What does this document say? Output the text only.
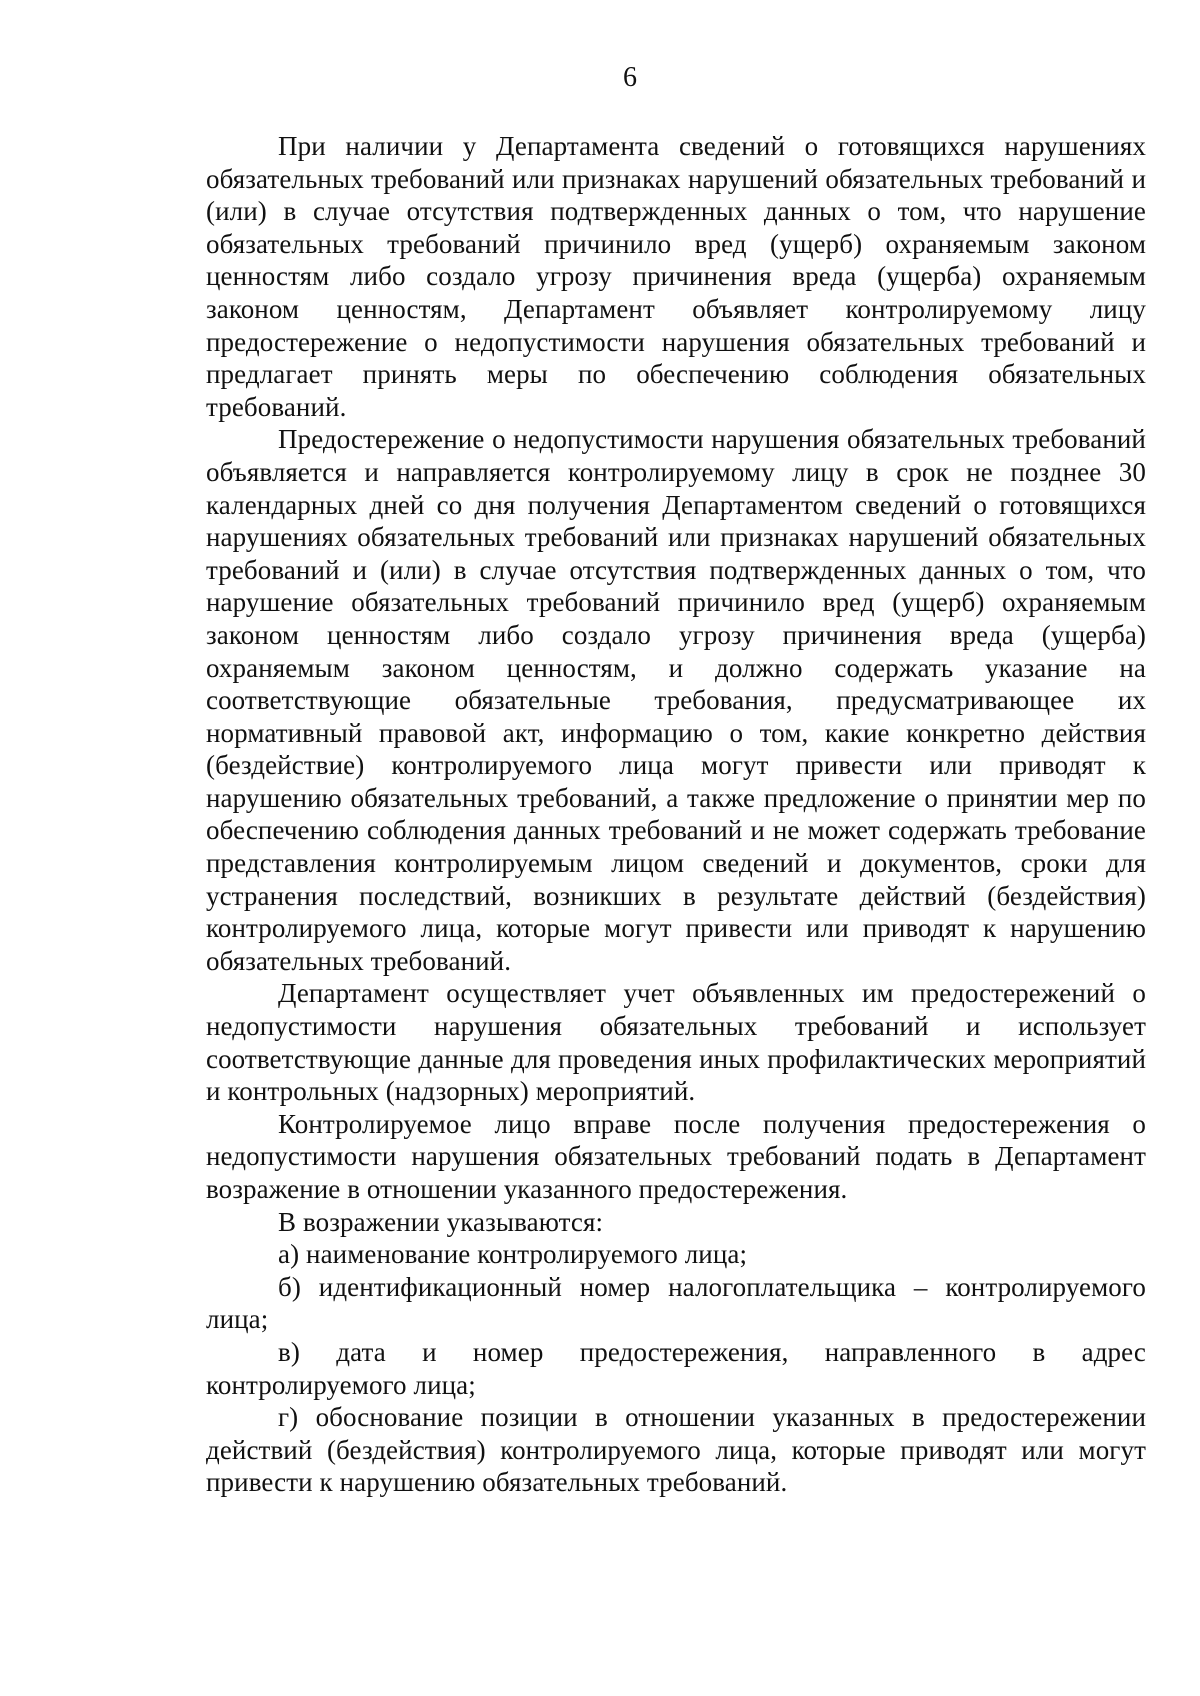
6

При наличии у Департамента сведений о готовящихся нарушениях обязательных требований или признаках нарушений обязательных требований и (или) в случае отсутствия подтвержденных данных о том, что нарушение обязательных требований причинило вред (ущерб) охраняемым законом ценностям либо создало угрозу причинения вреда (ущерба) охраняемым законом ценностям, Департамент объявляет контролируемому лицу предостережение о недопустимости нарушения обязательных требований и предлагает принять меры по обеспечению соблюдения обязательных требований.

Предостережение о недопустимости нарушения обязательных требований объявляется и направляется контролируемому лицу в срок не позднее 30 календарных дней со дня получения Департаментом сведений о готовящихся нарушениях обязательных требований или признаках нарушений обязательных требований и (или) в случае отсутствия подтвержденных данных о том, что нарушение обязательных требований причинило вред (ущерб) охраняемым законом ценностям либо создало угрозу причинения вреда (ущерба) охраняемым законом ценностям, и должно содержать указание на соответствующие обязательные требования, предусматривающее их нормативный правовой акт, информацию о том, какие конкретно действия (бездействие) контролируемого лица могут привести или приводят к нарушению обязательных требований, а также предложение о принятии мер по обеспечению соблюдения данных требований и не может содержать требование представления контролируемым лицом сведений и документов, сроки для устранения последствий, возникших в результате действий (бездействия) контролируемого лица, которые могут привести или приводят к нарушению обязательных требований.

Департамент осуществляет учет объявленных им предостережений о недопустимости нарушения обязательных требований и использует соответствующие данные для проведения иных профилактических мероприятий и контрольных (надзорных) мероприятий.

Контролируемое лицо вправе после получения предостережения о недопустимости нарушения обязательных требований подать в Департамент возражение в отношении указанного предостережения.

В возражении указываются:

а) наименование контролируемого лица;

б) идентификационный номер налогоплательщика – контролируемого лица;

в) дата и номер предостережения, направленного в адрес контролируемого лица;

г) обоснование позиции в отношении указанных в предостережении действий (бездействия) контролируемого лица, которые приводят или могут привести к нарушению обязательных требований.
